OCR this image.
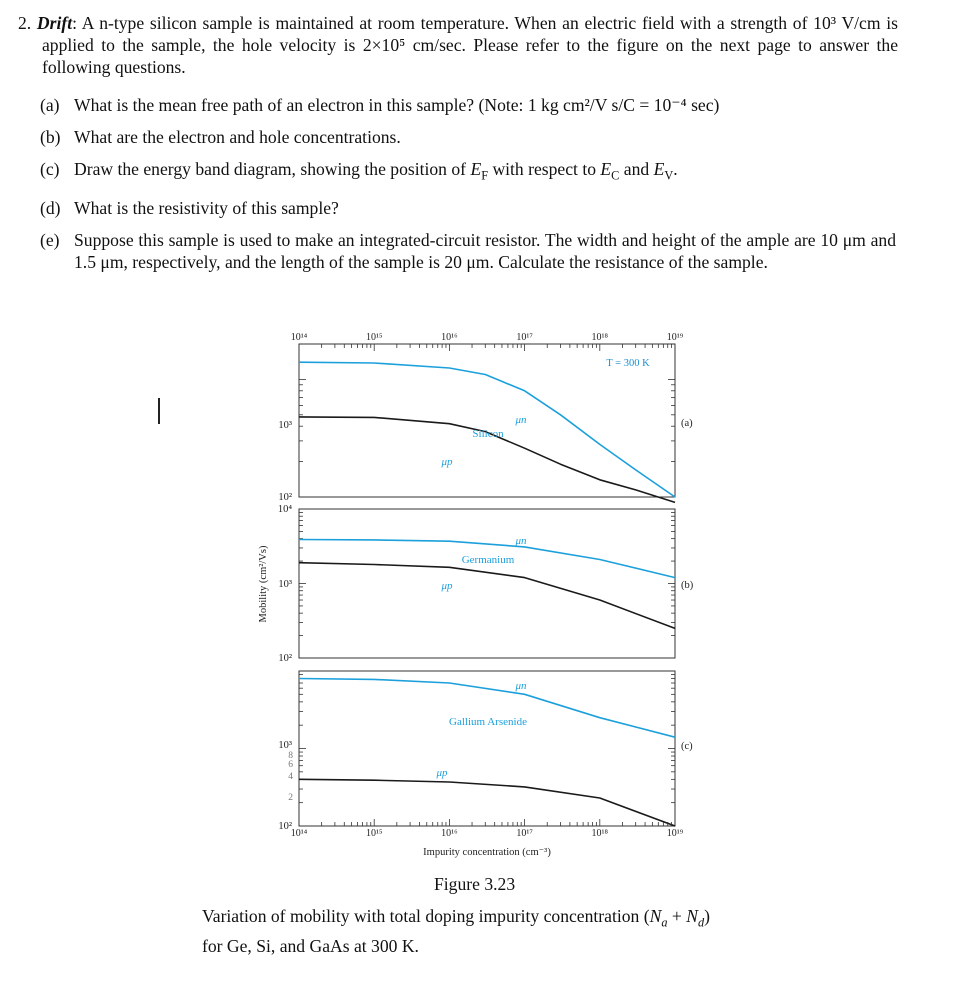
2. Drift: A n-type silicon sample is maintained at room temperature. When an electric field with a strength of 10³ V/cm is applied to the sample, the hole velocity is 2×10⁵ cm/sec. Please refer to the figure on the next page to answer the following questions.
(a) What is the mean free path of an electron in this sample? (Note: 1 kg cm²/V s/C = 10⁻⁴ sec)
(b) What are the electron and hole concentrations.
(c) Draw the energy band diagram, showing the position of $E_F$ with respect to $E_C$ and $E_V$.
(d) What is the resistivity of this sample?
(e) Suppose this sample is used to make an integrated-circuit resistor. The width and height of the ample are 10 μm and 1.5 μm, respectively, and the length of the sample is 20 μm. Calculate the resistance of the sample.
10³
10²
Silicon
μn
μp
(a)
10⁴
10³
10²
Germanium
μn
μp	(b)
10³
8
6
4
2
10²
Gallium Arsenide
μn
μp
(c)
10¹⁴	10¹⁵	10¹⁶	10¹⁷	10¹⁸	10¹⁹
10¹⁴	10¹⁵	10¹⁶	10¹⁷	10¹⁸	10¹⁹
T = 300 K
Impurity concentration (cm⁻³)
Mobility (cm²/Vs)
Figure 3.23
Variation of mobility with total doping impurity concentration $(N_a + N_d)$
for Ge, Si, and GaAs at 300 K.
